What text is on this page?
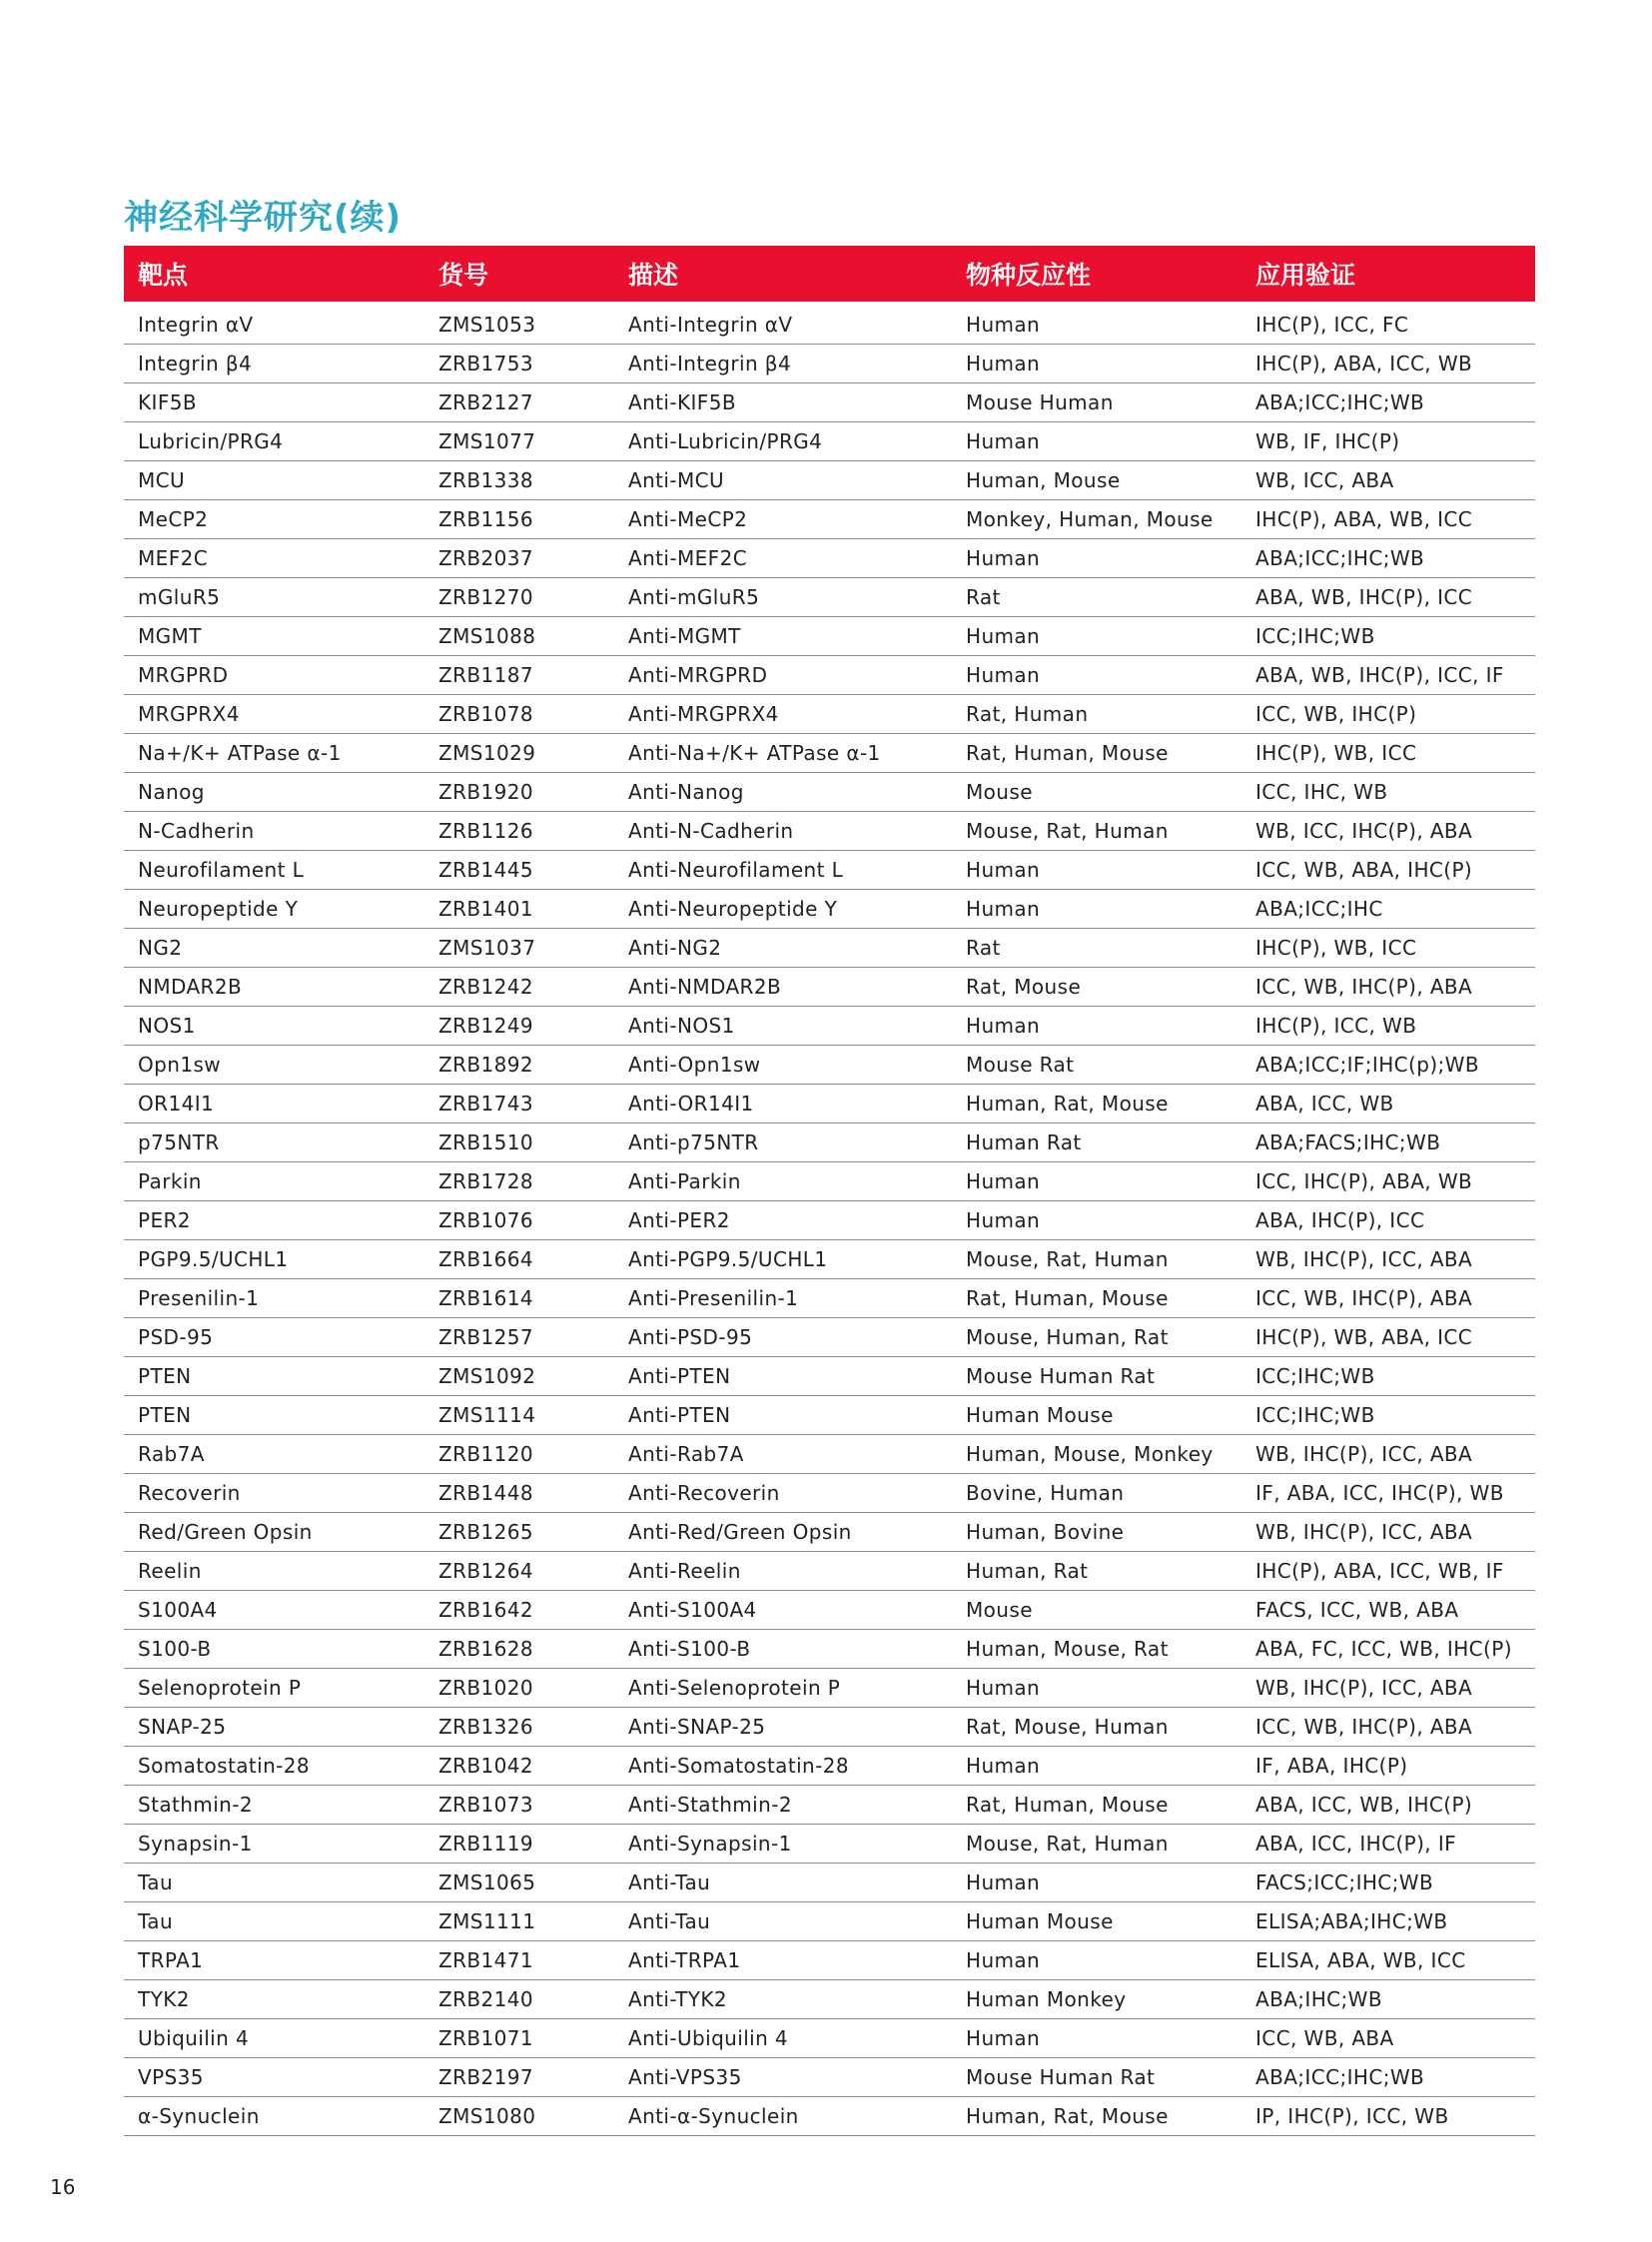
神经科学研究(续)
靶点	货号	描述	物种反应性	应用验证
Integrin αV	ZMS1053	Anti-Integrin αV	Human	IHC(P), ICC, FC
Integrin β4	ZRB1753	Anti-Integrin β4	Human	IHC(P), ABA, ICC, WB
KIF5B	ZRB2127	Anti-KIF5B	Mouse Human	ABA;ICC;IHC;WB
Lubricin/PRG4	ZMS1077	Anti-Lubricin/PRG4	Human	WB, IF, IHC(P)
MCU	ZRB1338	Anti-MCU	Human, Mouse	WB, ICC, ABA
MeCP2	ZRB1156	Anti-MeCP2	Monkey, Human, Mouse	IHC(P), ABA, WB, ICC
MEF2C	ZRB2037	Anti-MEF2C	Human	ABA;ICC;IHC;WB
mGluR5	ZRB1270	Anti-mGluR5	Rat	ABA, WB, IHC(P), ICC
MGMT	ZMS1088	Anti-MGMT	Human	ICC;IHC;WB
MRGPRD	ZRB1187	Anti-MRGPRD	Human	ABA, WB, IHC(P), ICC, IF
MRGPRX4	ZRB1078	Anti-MRGPRX4	Rat, Human	ICC, WB, IHC(P)
Na+/K+ ATPase α-1	ZMS1029	Anti-Na+/K+ ATPase α-1	Rat, Human, Mouse	IHC(P), WB, ICC
Nanog	ZRB1920	Anti-Nanog	Mouse	ICC, IHC, WB
N-Cadherin	ZRB1126	Anti-N-Cadherin	Mouse, Rat, Human	WB, ICC, IHC(P), ABA
Neurofilament L	ZRB1445	Anti-Neurofilament L	Human	ICC, WB, ABA, IHC(P)
Neuropeptide Y	ZRB1401	Anti-Neuropeptide Y	Human	ABA;ICC;IHC
NG2	ZMS1037	Anti-NG2	Rat	IHC(P), WB, ICC
NMDAR2B	ZRB1242	Anti-NMDAR2B	Rat, Mouse	ICC, WB, IHC(P), ABA
NOS1	ZRB1249	Anti-NOS1	Human	IHC(P), ICC, WB
Opn1sw	ZRB1892	Anti-Opn1sw	Mouse Rat	ABA;ICC;IF;IHC(p);WB
OR14I1	ZRB1743	Anti-OR14I1	Human, Rat, Mouse	ABA, ICC, WB
p75NTR	ZRB1510	Anti-p75NTR	Human Rat	ABA;FACS;IHC;WB
Parkin	ZRB1728	Anti-Parkin	Human	ICC, IHC(P), ABA, WB
PER2	ZRB1076	Anti-PER2	Human	ABA, IHC(P), ICC
PGP9.5/UCHL1	ZRB1664	Anti-PGP9.5/UCHL1	Mouse, Rat, Human	WB, IHC(P), ICC, ABA
Presenilin-1	ZRB1614	Anti-Presenilin-1	Rat, Human, Mouse	ICC, WB, IHC(P), ABA
PSD-95	ZRB1257	Anti-PSD-95	Mouse, Human, Rat	IHC(P), WB, ABA, ICC
PTEN	ZMS1092	Anti-PTEN	Mouse Human Rat	ICC;IHC;WB
PTEN	ZMS1114	Anti-PTEN	Human Mouse	ICC;IHC;WB
Rab7A	ZRB1120	Anti-Rab7A	Human, Mouse, Monkey	WB, IHC(P), ICC, ABA
Recoverin	ZRB1448	Anti-Recoverin	Bovine, Human	IF, ABA, ICC, IHC(P), WB
Red/Green Opsin	ZRB1265	Anti-Red/Green Opsin	Human, Bovine	WB, IHC(P), ICC, ABA
Reelin	ZRB1264	Anti-Reelin	Human, Rat	IHC(P), ABA, ICC, WB, IF
S100A4	ZRB1642	Anti-S100A4	Mouse	FACS, ICC, WB, ABA
S100-B	ZRB1628	Anti-S100-B	Human, Mouse, Rat	ABA, FC, ICC, WB, IHC(P)
Selenoprotein P	ZRB1020	Anti-Selenoprotein P	Human	WB, IHC(P), ICC, ABA
SNAP-25	ZRB1326	Anti-SNAP-25	Rat, Mouse, Human	ICC, WB, IHC(P), ABA
Somatostatin-28	ZRB1042	Anti-Somatostatin-28	Human	IF, ABA, IHC(P)
Stathmin-2	ZRB1073	Anti-Stathmin-2	Rat, Human, Mouse	ABA, ICC, WB, IHC(P)
Synapsin-1	ZRB1119	Anti-Synapsin-1	Mouse, Rat, Human	ABA, ICC, IHC(P), IF
Tau	ZMS1065	Anti-Tau	Human	FACS;ICC;IHC;WB
Tau	ZMS1111	Anti-Tau	Human Mouse	ELISA;ABA;IHC;WB
TRPA1	ZRB1471	Anti-TRPA1	Human	ELISA, ABA, WB, ICC
TYK2	ZRB2140	Anti-TYK2	Human Monkey	ABA;IHC;WB
Ubiquilin 4	ZRB1071	Anti-Ubiquilin 4	Human	ICC, WB, ABA
VPS35	ZRB2197	Anti-VPS35	Mouse Human Rat	ABA;ICC;IHC;WB
α-Synuclein	ZMS1080	Anti-α-Synuclein	Human, Rat, Mouse	IP, IHC(P), ICC, WB
16
